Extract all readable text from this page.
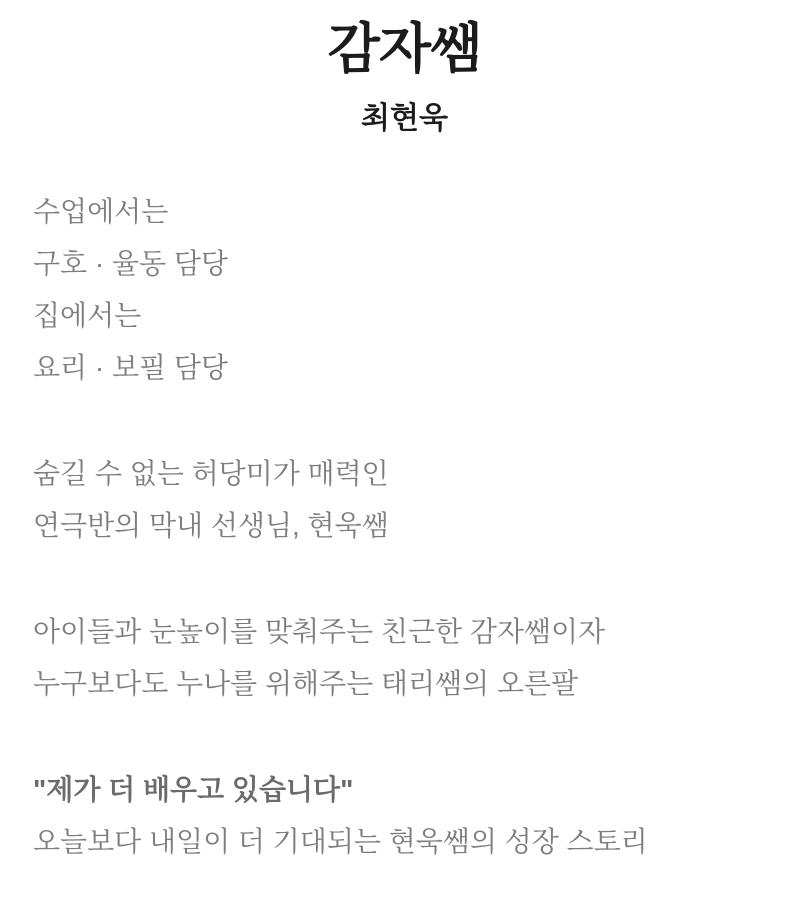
감자쌤
최현욱

수업에서는

구호 · 율동 담당

집에서는

요리 · 보필 담당

숨길 수 없는 허당미가 매력인

연극반의 막내 선생님, 현욱쌤

아이들과 눈높이를 맞춰주는 친근한 감자쌤이자

누구보다도 누나를 위해주는 태리쌤의 오른팔

"제가 더 배우고 있습니다"

오늘보다 내일이 더 기대되는 현욱쌤의 성장 스토리
